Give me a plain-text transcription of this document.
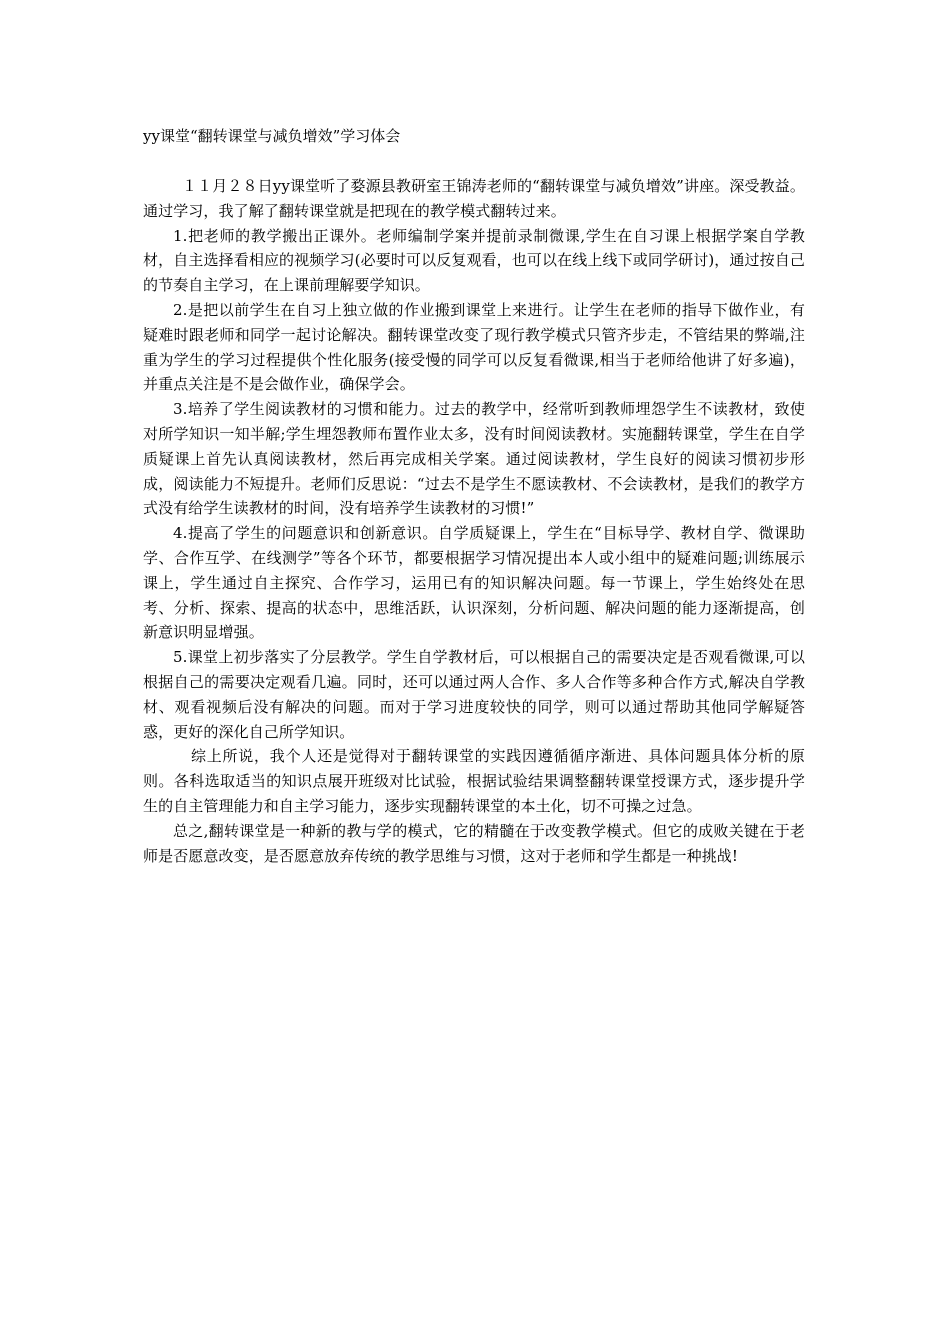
yy课堂“翻转课堂与减负增效”学习体会

１１月２８日yy课堂听了婺源县教研室王锦涛老师的“翻转课堂与减负增效”讲座。深受教益。通过学习，我了解了翻转课堂就是把现在的教学模式翻转过来。

1.把老师的教学搬出正课外。老师编制学案并提前录制微课,学生在自习课上根据学案自学教材，自主选择看相应的视频学习(必要时可以反复观看，也可以在线上线下或同学研讨)，通过按自己的节奏自主学习，在上课前理解要学知识。

2.是把以前学生在自习上独立做的作业搬到课堂上来进行。让学生在老师的指导下做作业，有疑难时跟老师和同学一起讨论解决。翻转课堂改变了现行教学模式只管齐步走，不管结果的弊端,注重为学生的学习过程提供个性化服务(接受慢的同学可以反复看微课,相当于老师给他讲了好多遍)，并重点关注是不是会做作业，确保学会。

3.培养了学生阅读教材的习惯和能力。过去的教学中，经常听到教师埋怨学生不读教材，致使对所学知识一知半解;学生埋怨教师布置作业太多，没有时间阅读教材。实施翻转课堂，学生在自学质疑课上首先认真阅读教材，然后再完成相关学案。通过阅读教材，学生良好的阅读习惯初步形成，阅读能力不短提升。老师们反思说：“过去不是学生不愿读教材、不会读教材，是我们的教学方式没有给学生读教材的时间，没有培养学生读教材的习惯!”

4.提高了学生的问题意识和创新意识。自学质疑课上，学生在“目标导学、教材自学、微课助学、合作互学、在线测学”等各个环节，都要根据学习情况提出本人或小组中的疑难问题;训练展示课上，学生通过自主探究、合作学习，运用已有的知识解决问题。每一节课上，学生始终处在思考、分析、探索、提高的状态中，思维活跃，认识深刻，分析问题、解决问题的能力逐渐提高，创新意识明显增强。

5.课堂上初步落实了分层教学。学生自学教材后，可以根据自己的需要决定是否观看微课,可以根据自己的需要决定观看几遍。同时，还可以通过两人合作、多人合作等多种合作方式,解决自学教材、观看视频后没有解决的问题。而对于学习进度较快的同学，则可以通过帮助其他同学解疑答惑，更好的深化自己所学知识。

综上所说，我个人还是觉得对于翻转课堂的实践因遵循循序渐进、具体问题具体分析的原则。各科选取适当的知识点展开班级对比试验，根据试验结果调整翻转课堂授课方式，逐步提升学生的自主管理能力和自主学习能力，逐步实现翻转课堂的本土化，切不可操之过急。

总之,翻转课堂是一种新的教与学的模式，它的精髓在于改变教学模式。但它的成败关键在于老师是否愿意改变，是否愿意放弃传统的教学思维与习惯，这对于老师和学生都是一种挑战!
